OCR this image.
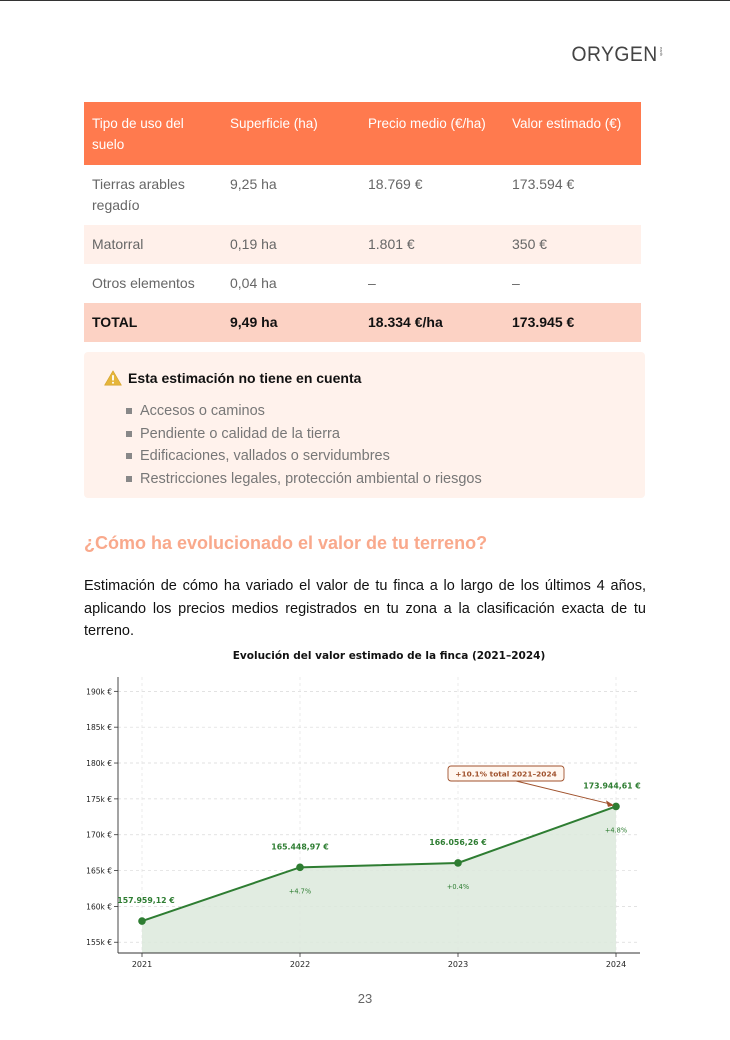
ORYGEN earth
Tipo de uso del suelo	Superficie (ha)	Precio medio (€/ha)	Valor estimado (€)
Tierras arables regadío	9,25 ha	18.769 €	173.594 €
Matorral	0,19 ha	1.801 €	350 €
Otros elementos	0,04 ha	–	–
TOTAL	9,49 ha	18.334 €/ha	173.945 €
Esta estimación no tiene en cuenta
Accesos o caminos
Pendiente o calidad de la tierra
Edificaciones, vallados o servidumbres
Restricciones legales, protección ambiental o riesgos
¿Cómo ha evolucionado el valor de tu terreno?

Estimación de cómo ha variado el valor de tu finca a lo largo de los últimos 4 años, aplicando los precios medios registrados en tu zona a la clasificación exacta de tu terreno.

Evolución del valor estimado de la finca (2021–2024)
155k €
160k €
165k €
170k €
175k €
180k €
185k €
190k €
2021	2022	2023	2024
157.959,12 €
165.448,97 €	166.056,26 €
173.944,61 €
+4.7%
+0.4%
+4.8%
+10.1% total 2021–2024
23
